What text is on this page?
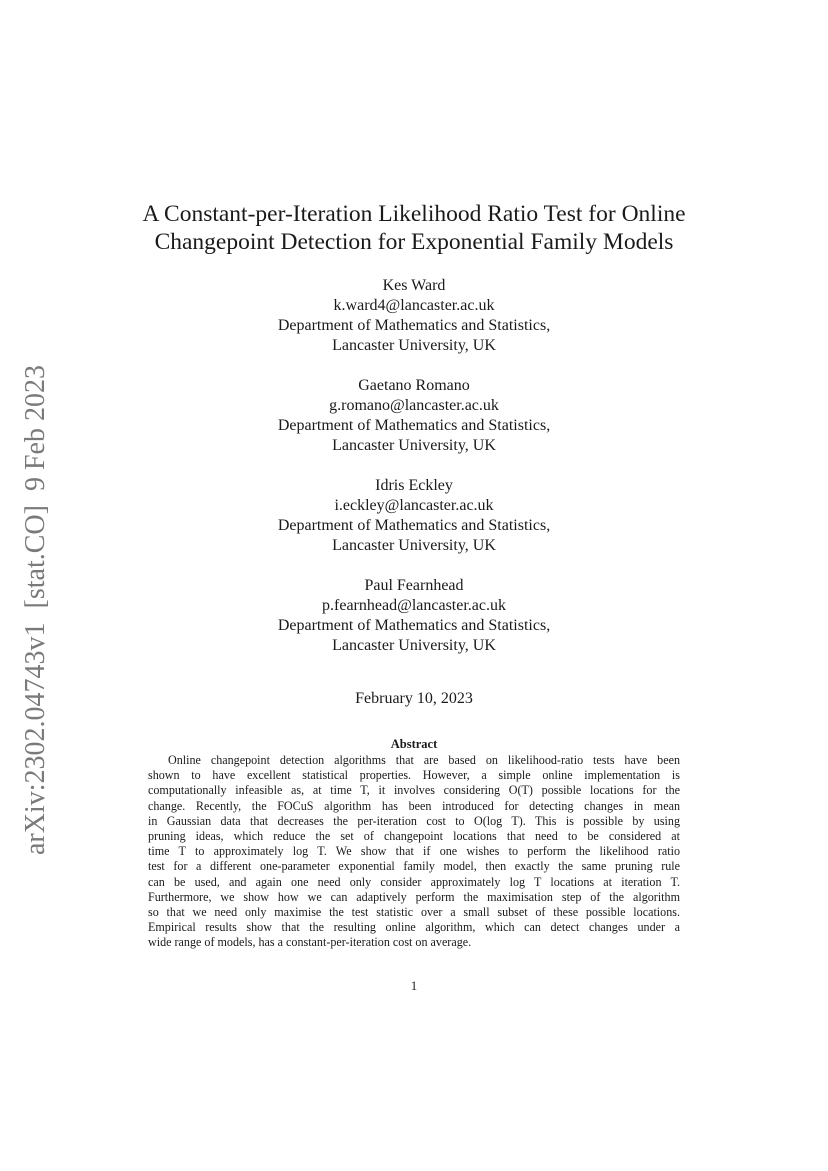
arXiv:2302.04743v1  [stat.CO]  9 Feb 2023
A Constant-per-Iteration Likelihood Ratio Test for Online
Changepoint Detection for Exponential Family Models
Kes Ward
k.ward4@lancaster.ac.uk
Department of Mathematics and Statistics,
Lancaster University, UK
Gaetano Romano
g.romano@lancaster.ac.uk
Department of Mathematics and Statistics,
Lancaster University, UK
Idris Eckley
i.eckley@lancaster.ac.uk
Department of Mathematics and Statistics,
Lancaster University, UK
Paul Fearnhead
p.fearnhead@lancaster.ac.uk
Department of Mathematics and Statistics,
Lancaster University, UK
February 10, 2023
Abstract
Online changepoint detection algorithms that are based on likelihood-ratio tests have been
shown to have excellent statistical properties. However, a simple online implementation is
computationally infeasible as, at time T, it involves considering O(T) possible locations for the
change. Recently, the FOCuS algorithm has been introduced for detecting changes in mean
in Gaussian data that decreases the per-iteration cost to O(log T). This is possible by using
pruning ideas, which reduce the set of changepoint locations that need to be considered at
time T to approximately log T. We show that if one wishes to perform the likelihood ratio
test for a different one-parameter exponential family model, then exactly the same pruning rule
can be used, and again one need only consider approximately log T locations at iteration T.
Furthermore, we show how we can adaptively perform the maximisation step of the algorithm
so that we need only maximise the test statistic over a small subset of these possible locations.
Empirical results show that the resulting online algorithm, which can detect changes under a
wide range of models, has a constant-per-iteration cost on average.
1
